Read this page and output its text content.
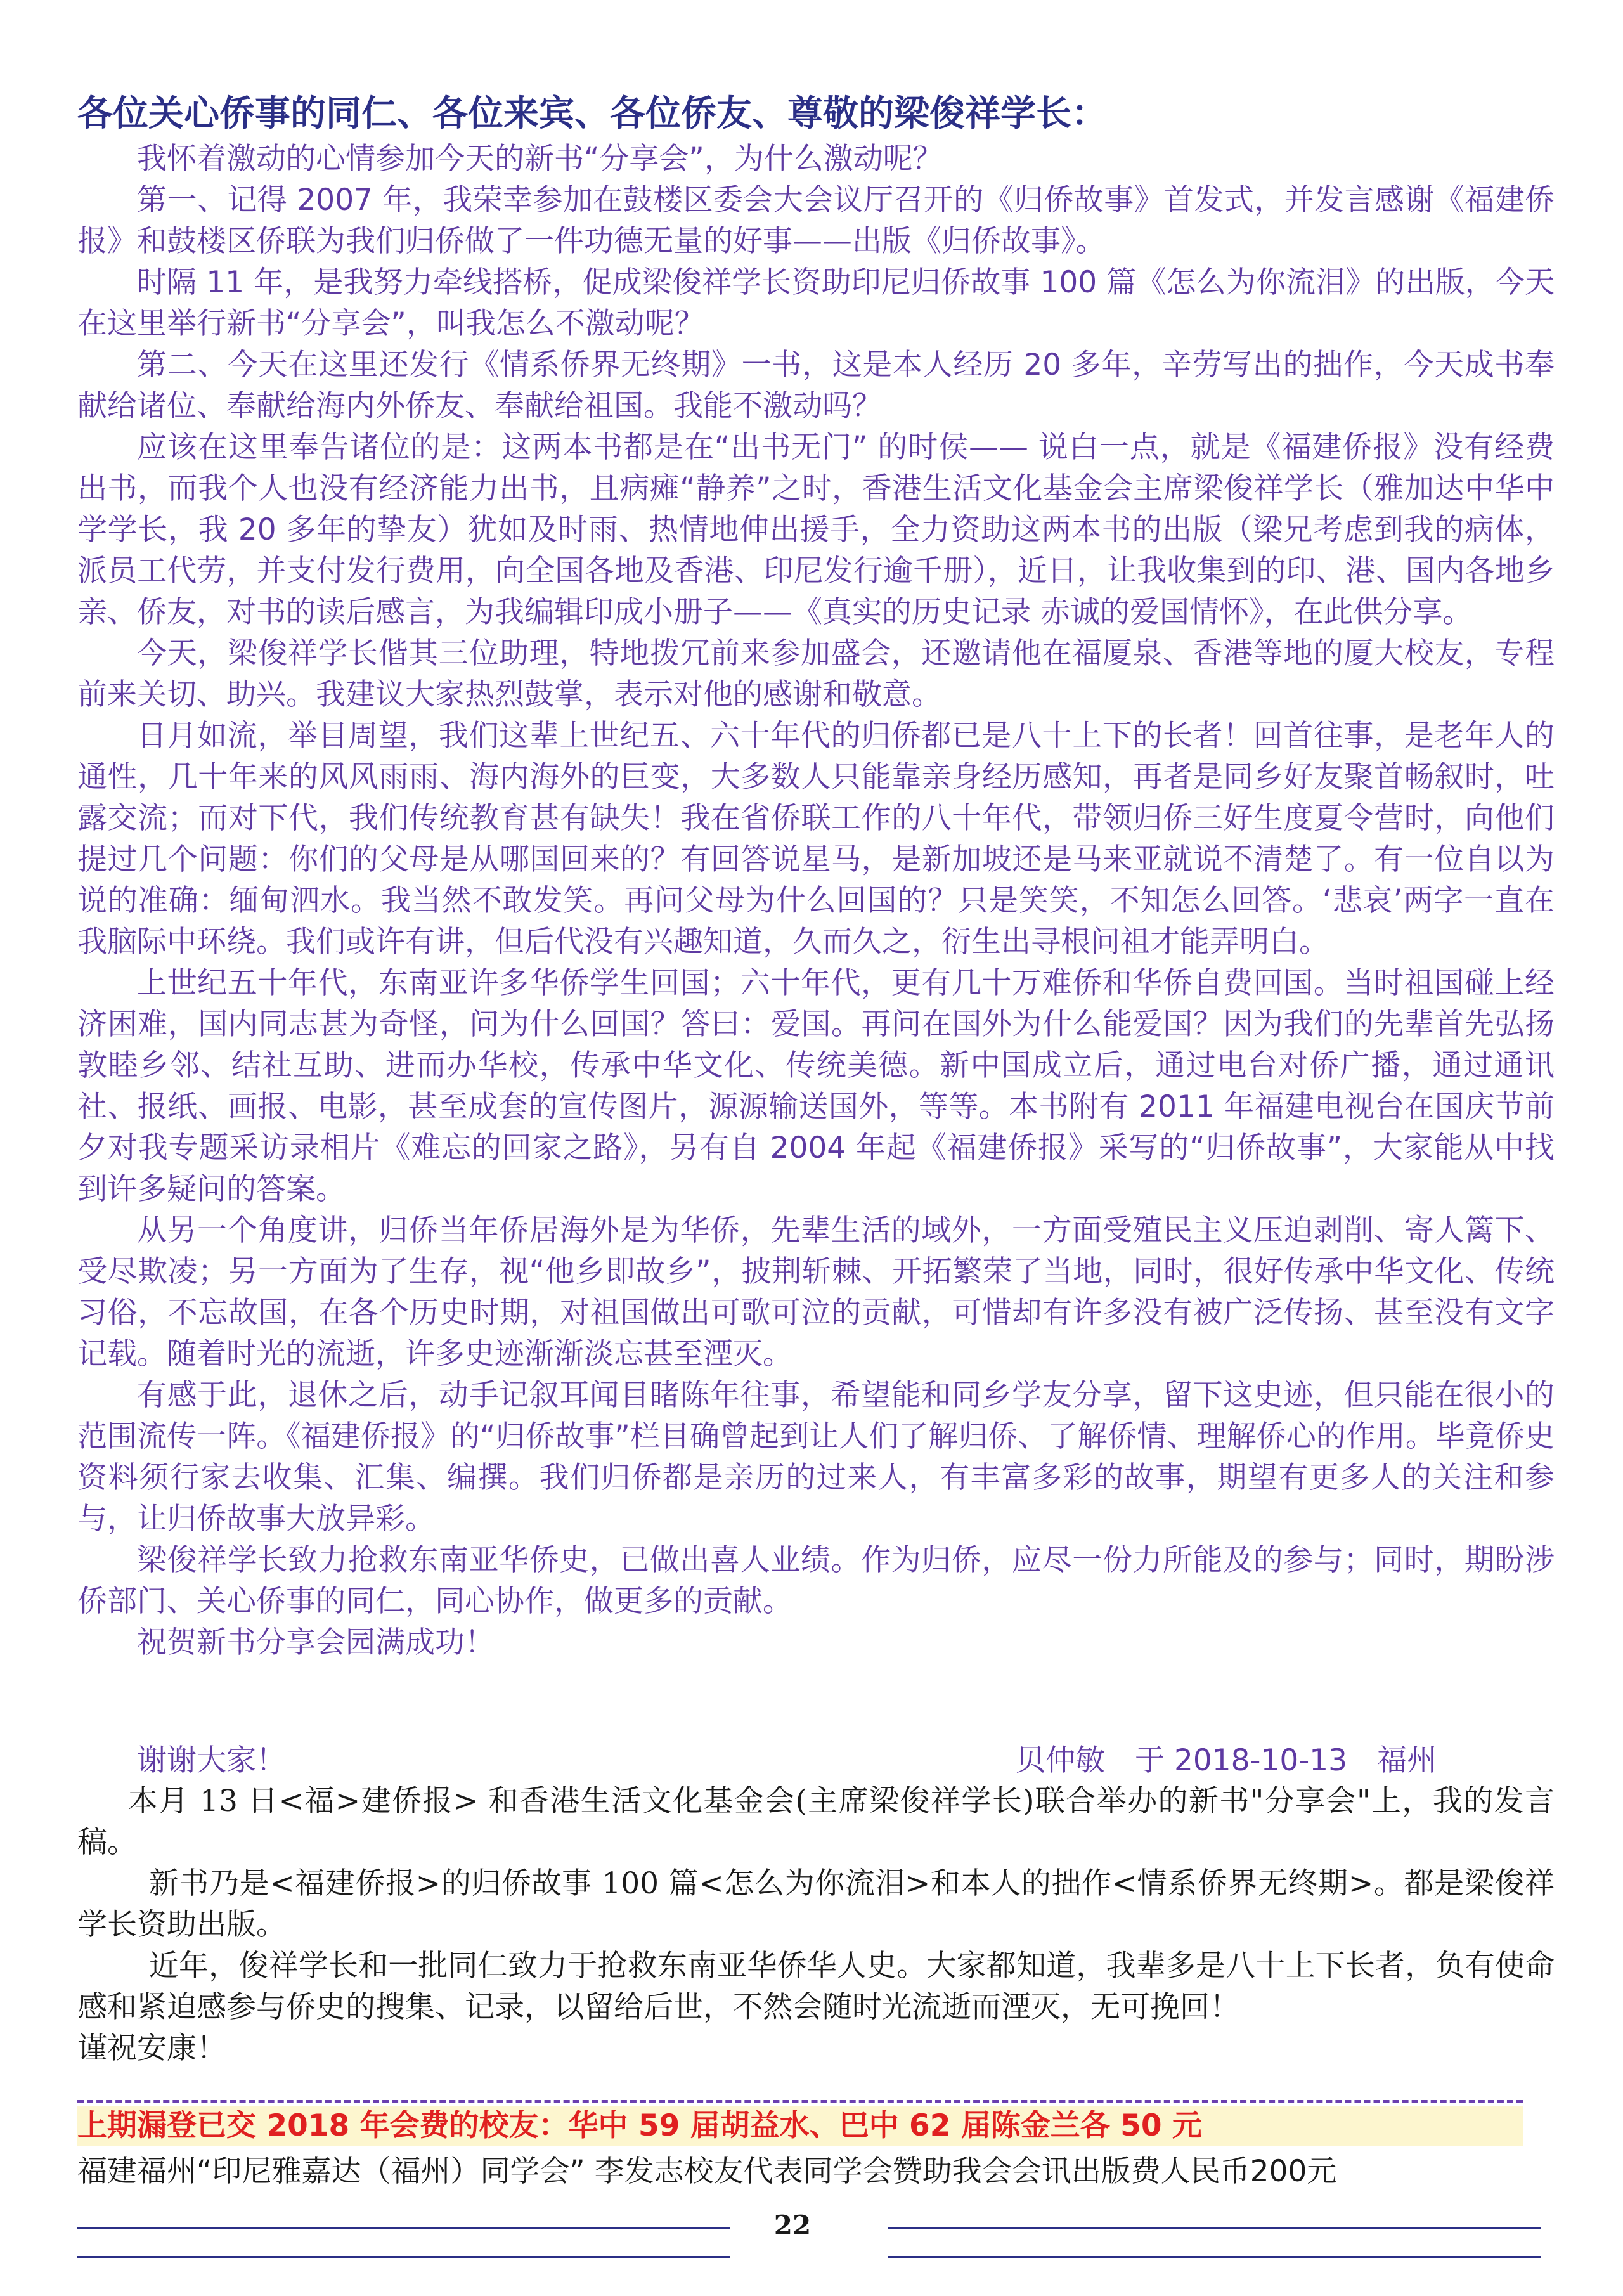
各位关心侨事的同仁、各位来宾、各位侨友、尊敬的梁俊祥学长：

我怀着激动的心情参加今天的新书“分享会”，为什么激动呢？

第一、记得 2007 年，我荣幸参加在鼓楼区委会大会议厅召开的《归侨故事》首发式，并发言感谢《福建侨报》和鼓楼区侨联为我们归侨做了一件功德无量的好事——出版《归侨故事》。

时隔 11 年，是我努力牵线搭桥，促成梁俊祥学长资助印尼归侨故事 100 篇《怎么为你流泪》的出版，今天在这里举行新书“分享会”，叫我怎么不激动呢？

第二、今天在这里还发行《情系侨界无终期》一书，这是本人经历 20 多年，辛劳写出的拙作，今天成书奉献给诸位、奉献给海内外侨友、奉献给祖国。我能不激动吗？

应该在这里奉告诸位的是：这两本书都是在“出书无门” 的时侯—— 说白一点，就是《福建侨报》没有经费出书，而我个人也没有经济能力出书，且病瘫“静养”之时，香港生活文化基金会主席梁俊祥学长（雅加达中华中学学长，我 20 多年的挚友）犹如及时雨、热情地伸出援手，全力资助这两本书的出版（梁兄考虑到我的病体，派员工代劳，并支付发行费用，向全国各地及香港、印尼发行逾千册），近日，让我收集到的印、港、国内各地乡亲、侨友，对书的读后感言，为我编辑印成小册子——《真实的历史记录 赤诚的爱国情怀》，在此供分享。

今天，梁俊祥学长偕其三位助理，特地拨冗前来参加盛会，还邀请他在福厦泉、香港等地的厦大校友，专程前来关切、助兴。我建议大家热烈鼓掌，表示对他的感谢和敬意。

日月如流，举目周望，我们这辈上世纪五、六十年代的归侨都已是八十上下的长者！回首往事，是老年人的通性，几十年来的风风雨雨、海内海外的巨变，大多数人只能靠亲身经历感知，再者是同乡好友聚首畅叙时，吐露交流；而对下代，我们传统教育甚有缺失！我在省侨联工作的八十年代，带领归侨三好生度夏令营时，向他们提过几个问题：你们的父母是从哪国回来的？有回答说星马，是新加坡还是马来亚就说不清楚了。有一位自以为说的准确：缅甸泗水。我当然不敢发笑。再问父母为什么回国的？只是笑笑，不知怎么回答。‘悲哀’两字一直在我脑际中环绕。我们或许有讲，但后代没有兴趣知道，久而久之，衍生出寻根问祖才能弄明白。

上世纪五十年代，东南亚许多华侨学生回国；六十年代，更有几十万难侨和华侨自费回国。当时祖国碰上经济困难，国内同志甚为奇怪，问为什么回国？答曰：爱国。再问在国外为什么能爱国？因为我们的先辈首先弘扬敦睦乡邻、结社互助、进而办华校，传承中华文化、传统美德。新中国成立后，通过电台对侨广播，通过通讯社、报纸、画报、电影，甚至成套的宣传图片，源源输送国外，等等。本书附有 2011 年福建电视台在国庆节前夕对我专题采访录相片《难忘的回家之路》，另有自 2004 年起《福建侨报》采写的“归侨故事”，大家能从中找到许多疑问的答案。

从另一个角度讲，归侨当年侨居海外是为华侨，先辈生活的域外，一方面受殖民主义压迫剥削、寄人篱下、受尽欺凌；另一方面为了生存，视“他乡即故乡”，披荆斩棘、开拓繁荣了当地，同时，很好传承中华文化、传统习俗，不忘故国，在各个历史时期，对祖国做出可歌可泣的贡献，可惜却有许多没有被广泛传扬、甚至没有文字记载。随着时光的流逝，许多史迹渐渐淡忘甚至湮灭。

有感于此，退休之后，动手记叙耳闻目睹陈年往事，希望能和同乡学友分享，留下这史迹，但只能在很小的范围流传一阵。《福建侨报》的“归侨故事”栏目确曾起到让人们了解归侨、了解侨情、理解侨心的作用。毕竟侨史资料须行家去收集、汇集、编撰。我们归侨都是亲历的过来人，有丰富多彩的故事，期望有更多人的关注和参与，让归侨故事大放异彩。

梁俊祥学长致力抢救东南亚华侨史，已做出喜人业绩。作为归侨，应尽一份力所能及的参与；同时，期盼涉侨部门、关心侨事的同仁，同心协作，做更多的贡献。

祝贺新书分享会园满成功！

谢谢大家！	贝仲敏　于 2018-10-13　福州

本月 13 日<福>建侨报> 和香港生活文化基金会(主席梁俊祥学长)联合举办的新书"分享会"上，我的发言稿。

新书乃是<福建侨报>的归侨故事 100 篇<怎么为你流泪>和本人的拙作<情系侨界无终期>。都是梁俊祥学长资助出版。

近年，俊祥学长和一批同仁致力于抢救东南亚华侨华人史。大家都知道，我辈多是八十上下长者，负有使命感和紧迫感参与侨史的搜集、记录，以留给后世，不然会随时光流逝而湮灭，无可挽回！

谨祝安康！

上期漏登已交 2018 年会费的校友：华中 59 届胡益水、巴中 62 届陈金兰各 50 元
福建福州“印尼雅嘉达（福州）同学会” 李发志校友代表同学会赞助我会会讯出版费人民币200元
22
